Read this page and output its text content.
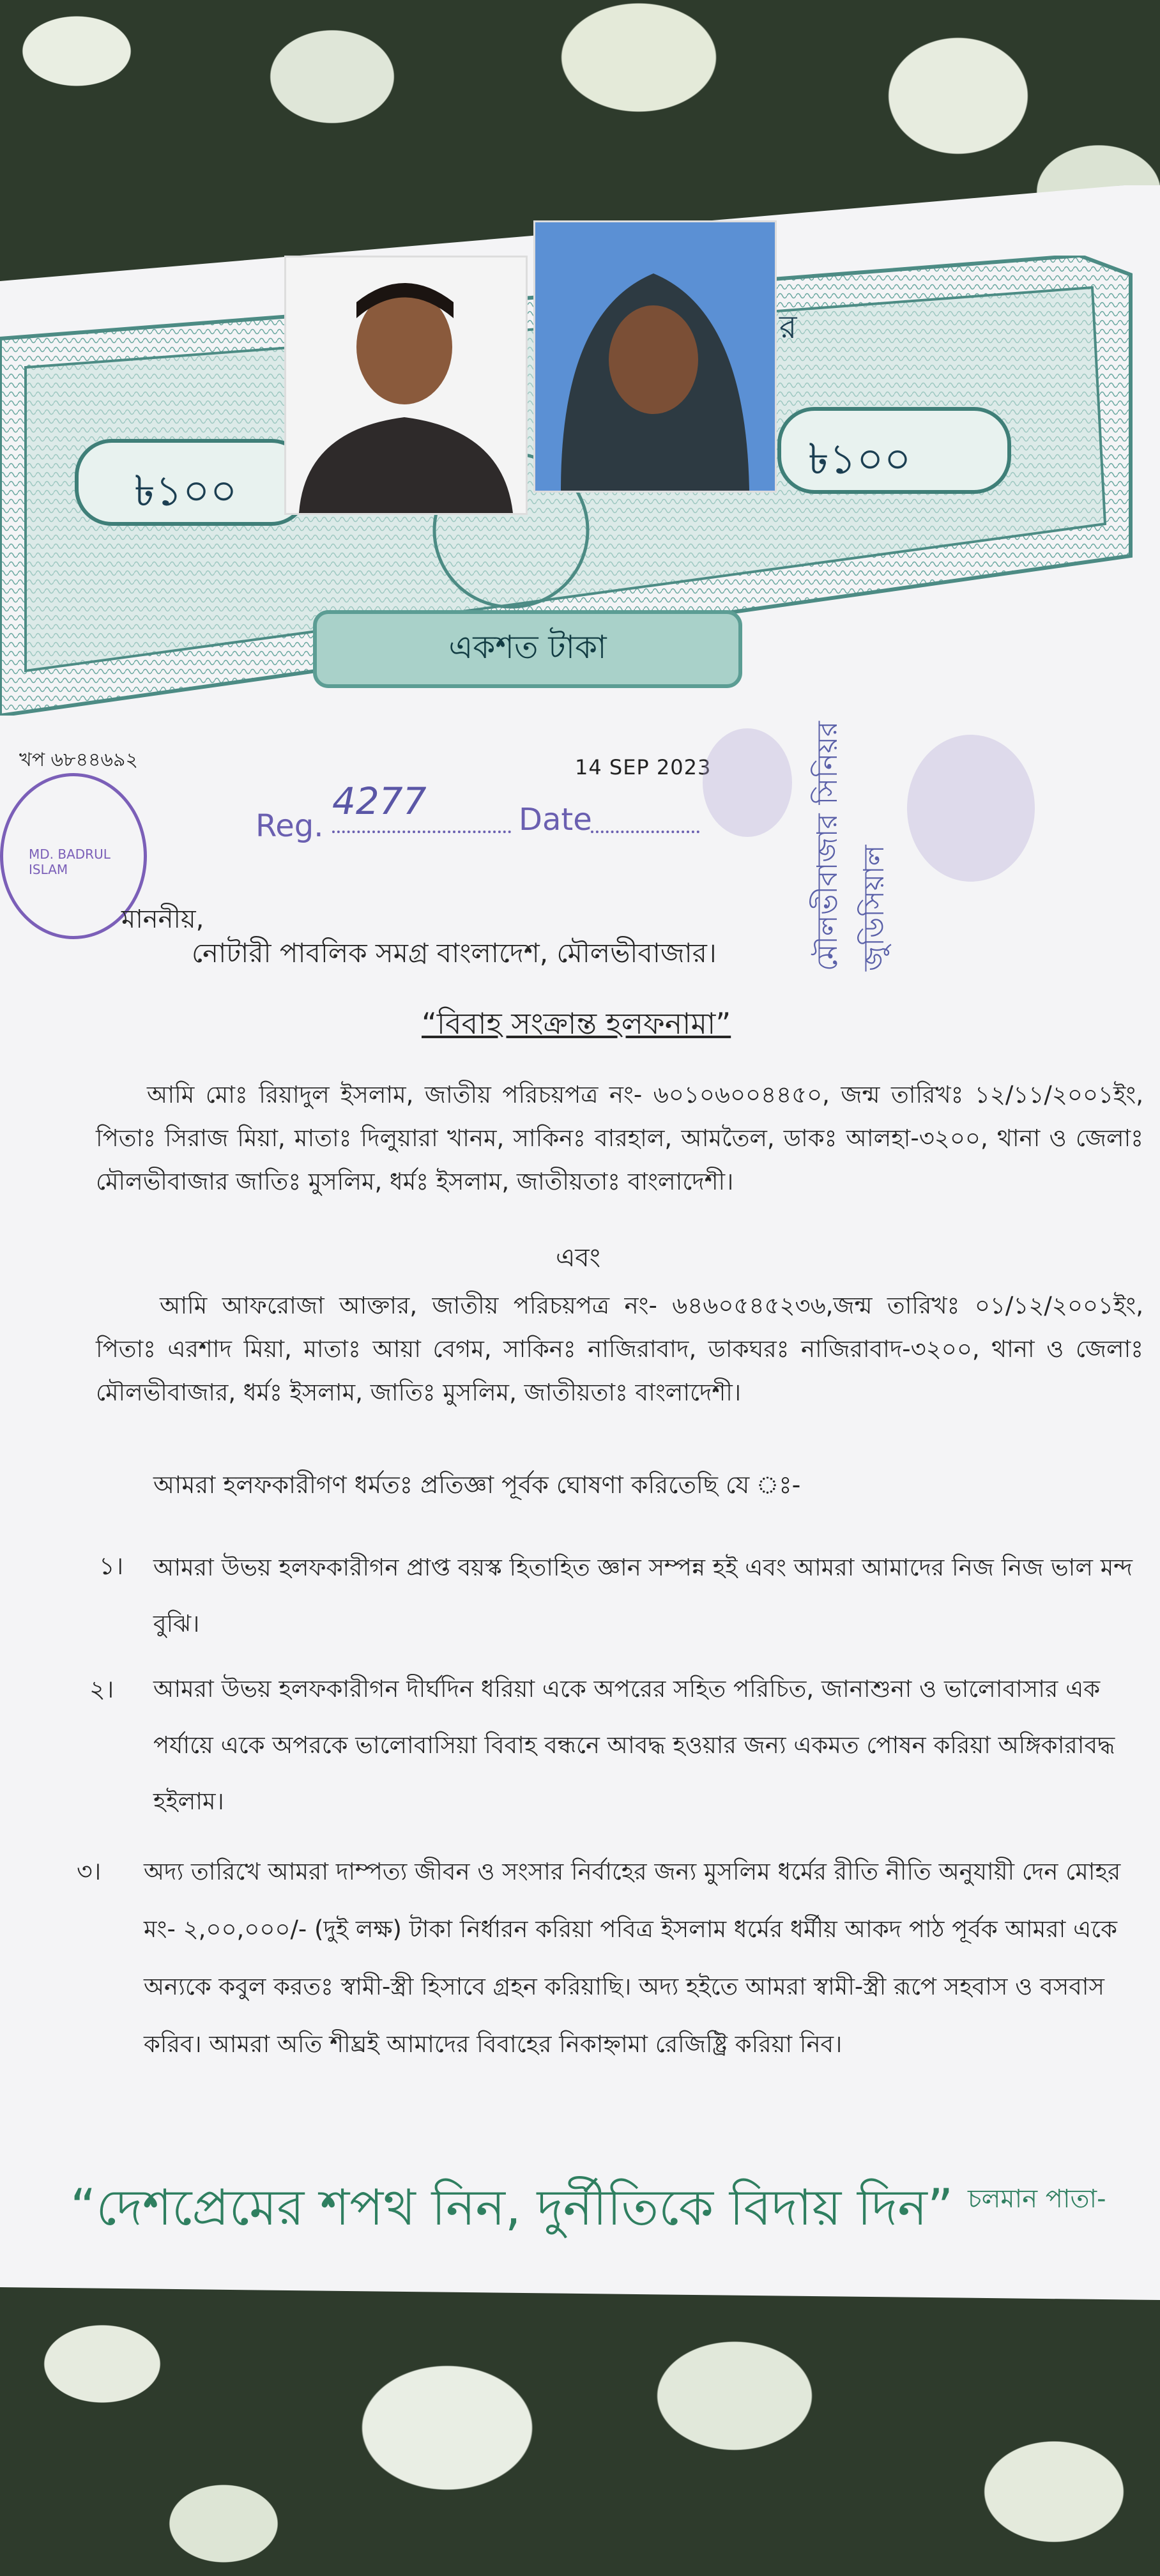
৳১০০
৳১০০
র
একশত টাকা
খপ ৬৮৪৪৬৯২	14 SEP 2023
Reg.
4277	Date
MD. BADRUL ISLAM	মৌলভীবাজার সিনিয়র জুডিসিয়াল
মাননীয়,
নোটারী পাবলিক সমগ্র বাংলাদেশ, মৌলভীবাজার।
“বিবাহ সংক্রান্ত হলফনামা”
আমি মোঃ রিয়াদুল ইসলাম, জাতীয় পরিচয়পত্র নং- ৬০১০৬০০৪৪৫০, জন্ম তারিখঃ ১২/১১/২০০১ইং, পিতাঃ সিরাজ মিয়া, মাতাঃ দিলুয়ারা খানম, সাকিনঃ বারহাল, আমতৈল, ডাকঃ আলহা-৩২০০, থানা ও জেলাঃ মৌলভীবাজার জাতিঃ মুসলিম, ধর্মঃ ইসলাম, জাতীয়তাঃ বাংলাদেশী।
এবং
আমি আফরোজা আক্তার, জাতীয় পরিচয়পত্র নং- ৬৪৬০৫৪৫২৩৬,জন্ম তারিখঃ ০১/১২/২০০১ইং, পিতাঃ এরশাদ মিয়া, মাতাঃ আয়া বেগম, সাকিনঃ নাজিরাবাদ, ডাকঘরঃ নাজিরাবাদ-৩২০০, থানা ও জেলাঃ মৌলভীবাজার, ধর্মঃ ইসলাম, জাতিঃ মুসলিম, জাতীয়তাঃ বাংলাদেশী।
আমরা হলফকারীগণ ধর্মতঃ প্রতিজ্ঞা পূর্বক ঘোষণা করিতেছি যে ঃ-
১। আমরা উভয় হলফকারীগন প্রাপ্ত বয়স্ক হিতাহিত জ্ঞান সম্পন্ন হই এবং আমরা আমাদের নিজ নিজ ভাল মন্দ বুঝি।
২। আমরা উভয় হলফকারীগন দীর্ঘদিন ধরিয়া একে অপরের সহিত পরিচিত, জানাশুনা ও ভালোবাসার এক পর্যায়ে একে অপরকে ভালোবাসিয়া বিবাহ বন্ধনে আবদ্ধ হওয়ার জন্য একমত পোষন করিয়া অঙ্গিকারাবদ্ধ হইলাম।
৩। অদ্য তারিখে আমরা দাম্পত্য জীবন ও সংসার নির্বাহের জন্য মুসলিম ধর্মের রীতি নীতি অনুযায়ী দেন মোহর মং- ২,০০,০০০/- (দুই লক্ষ) টাকা নির্ধারন করিয়া পবিত্র ইসলাম ধর্মের ধর্মীয় আকদ পাঠ পূর্বক আমরা একে অন্যকে কবুল করতঃ স্বামী-স্ত্রী হিসাবে গ্রহন করিয়াছি। অদ্য হইতে আমরা স্বামী-স্ত্রী রূপে সহবাস ও বসবাস করিব। আমরা অতি শীঘ্রই আমাদের বিবাহের নিকাহ্নামা রেজিষ্ট্রি করিয়া নিব।
“দেশপ্রেমের শপথ নিন, দুর্নীতিকে বিদায় দিন” চলমান পাতা-
